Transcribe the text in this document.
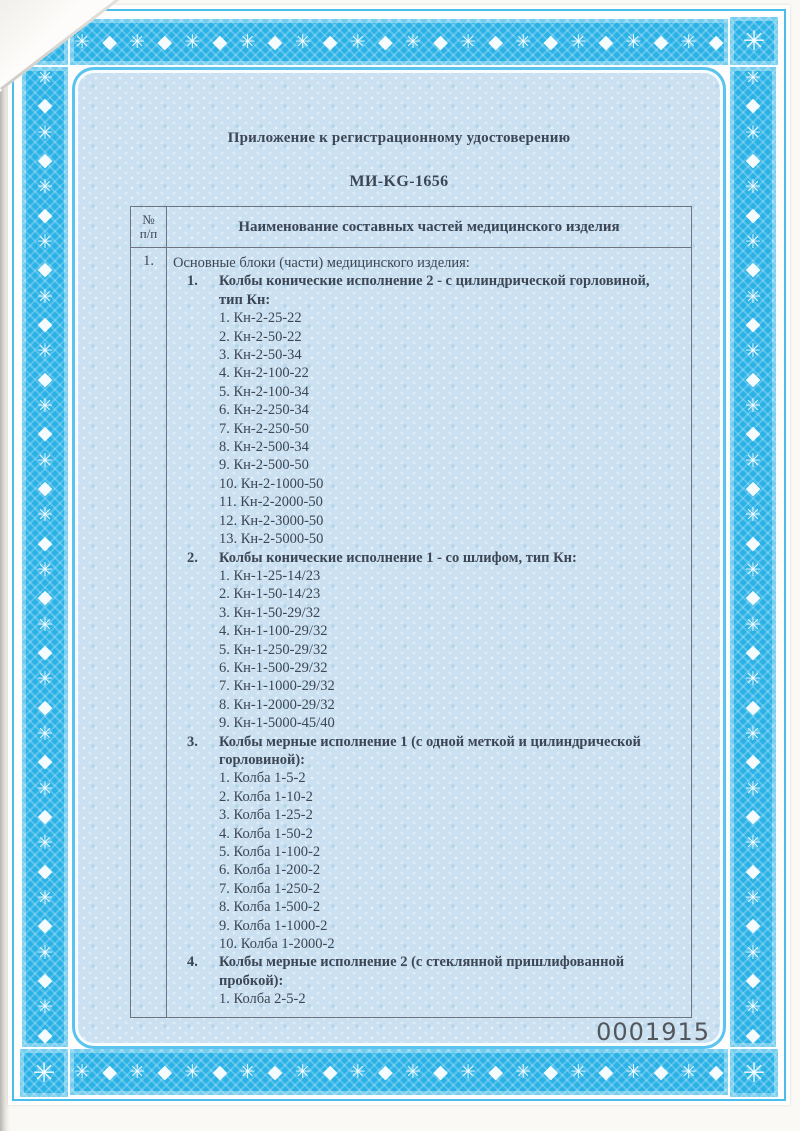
✳ ◆ ✳ ◆ ✳ ◆ ✳ ◆ ✳ ◆ ✳ ◆ ✳ ◆ ✳ ◆ ✳ ◆ ✳ ◆ ✳ ◆ ✳ ◆
✳ ◆ ✳ ◆ ✳ ◆ ✳ ◆ ✳ ◆ ✳ ◆ ✳ ◆ ✳ ◆ ✳ ◆ ✳ ◆ ✳ ◆ ✳ ◆
✳
◆
✳
◆
✳
◆
✳
◆
✳
◆
✳
◆
✳
◆
✳
◆
✳
◆
✳
◆
✳
◆
✳
◆
✳
◆
✳
◆
✳
◆
✳
◆
✳
◆
✳
◆
✳
◆
✳
◆
✳
◆
✳
◆
✳
◆
✳
◆
✳
◆
✳
◆
✳
◆
✳
◆
✳
◆
✳
◆
✳
◆
✳
◆
✳
◆
✳
◆
✳
◆
✳
◆
✳
✳	✳
Приложение к регистрационному удостоверению
МИ-KG-1656
№
п/п	Наименование составных частей медицинского изделия
1.	Основные блоки (части) медицинского изделия:
1.	Колбы конические исполнение 2 - с цилиндрической горловиной, тип Кн:
1. Кн-2-25-22
2. Кн-2-50-22
3. Кн-2-50-34
4. Кн-2-100-22
5. Кн-2-100-34
6. Кн-2-250-34
7. Кн-2-250-50
8. Кн-2-500-34
9. Кн-2-500-50
10. Кн-2-1000-50
11. Кн-2-2000-50
12. Кн-2-3000-50
13. Кн-2-5000-50
2.	Колбы конические исполнение 1 - со шлифом, тип Кн:
1. Кн-1-25-14/23
2. Кн-1-50-14/23
3. Кн-1-50-29/32
4. Кн-1-100-29/32
5. Кн-1-250-29/32
6. Кн-1-500-29/32
7. Кн-1-1000-29/32
8. Кн-1-2000-29/32
9. Кн-1-5000-45/40
3.	Колбы мерные исполнение 1 (с одной меткой и цилиндрической горловиной):
1. Колба 1-5-2
2. Колба 1-10-2
3. Колба 1-25-2
4. Колба 1-50-2
5. Колба 1-100-2
6. Колба 1-200-2
7. Колба 1-250-2
8. Колба 1-500-2
9. Колба 1-1000-2
10. Колба 1-2000-2
4.	Колбы мерные исполнение 2 (с стеклянной пришлифованной пробкой):
1. Колба 2-5-2
0001915
